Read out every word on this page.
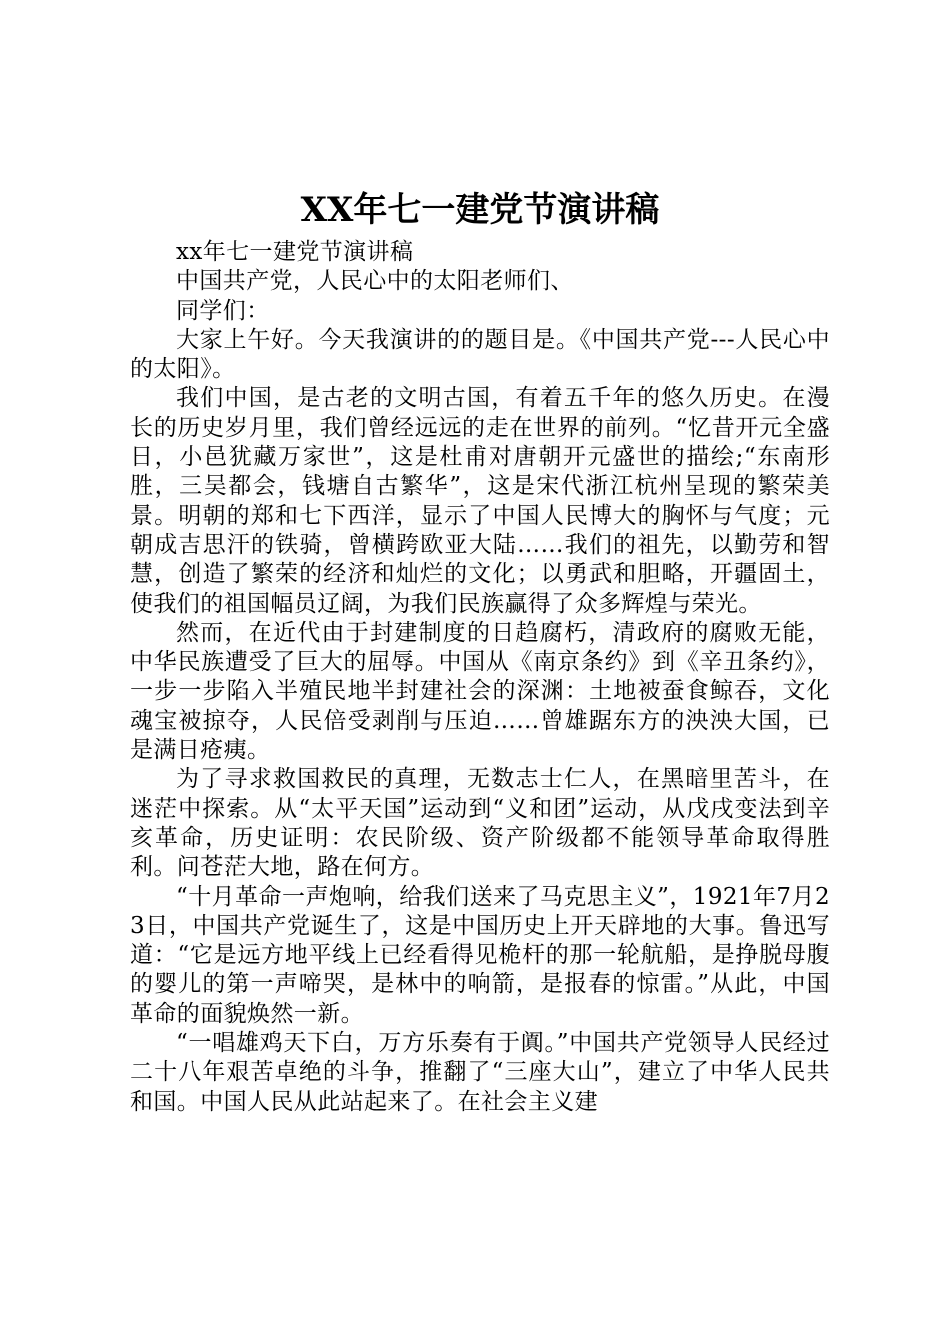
XX年七一建党节演讲稿

xx年七一建党节演讲稿

中国共产党，人民心中的太阳老师们、

同学们：

大家上午好。今天我演讲的的题目是。《中国共产党---人民心中的太阳》。

我们中国，是古老的文明古国，有着五千年的悠久历史。在漫长的历史岁月里，我们曾经远远的走在世界的前列。“忆昔开元全盛日，小邑犹藏万家世”，这是杜甫对唐朝开元盛世的描绘;“东南形胜，三吴都会，钱塘自古繁华”，这是宋代浙江杭州呈现的繁荣美景。明朝的郑和七下西洋，显示了中国人民博大的胸怀与气度；元朝成吉思汗的铁骑，曾横跨欧亚大陆……我们的祖先，以勤劳和智慧，创造了繁荣的经济和灿烂的文化；以勇武和胆略，开疆固土，使我们的祖国幅员辽阔，为我们民族赢得了众多辉煌与荣光。

然而，在近代由于封建制度的日趋腐朽，清政府的腐败无能，中华民族遭受了巨大的屈辱。中国从《南京条约》到《辛丑条约》，一步一步陷入半殖民地半封建社会的深渊：土地被蚕食鲸吞，文化魂宝被掠夺，人民倍受剥削与压迫……曾雄踞东方的泱泱大国，已是满日疮痍。

为了寻求救国救民的真理，无数志士仁人，在黑暗里苦斗，在迷茫中探索。从“太平天国”运动到“义和团”运动，从戊戌变法到辛亥革命，历史证明：农民阶级、资产阶级都不能领导革命取得胜利。问苍茫大地，路在何方。

“十月革命一声炮响，给我们送来了马克思主义”，1921年7月23日，中国共产党诞生了，这是中国历史上开天辟地的大事。鲁迅写道：“它是远方地平线上已经看得见桅杆的那一轮航船，是挣脱母腹的婴儿的第一声啼哭，是林中的响箭，是报春的惊雷。”从此，中国革命的面貌焕然一新。

“一唱雄鸡天下白，万方乐奏有于阗。”中国共产党领导人民经过二十八年艰苦卓绝的斗争，推翻了“三座大山”，建立了中华人民共和国。中国人民从此站起来了。在社会主义建
